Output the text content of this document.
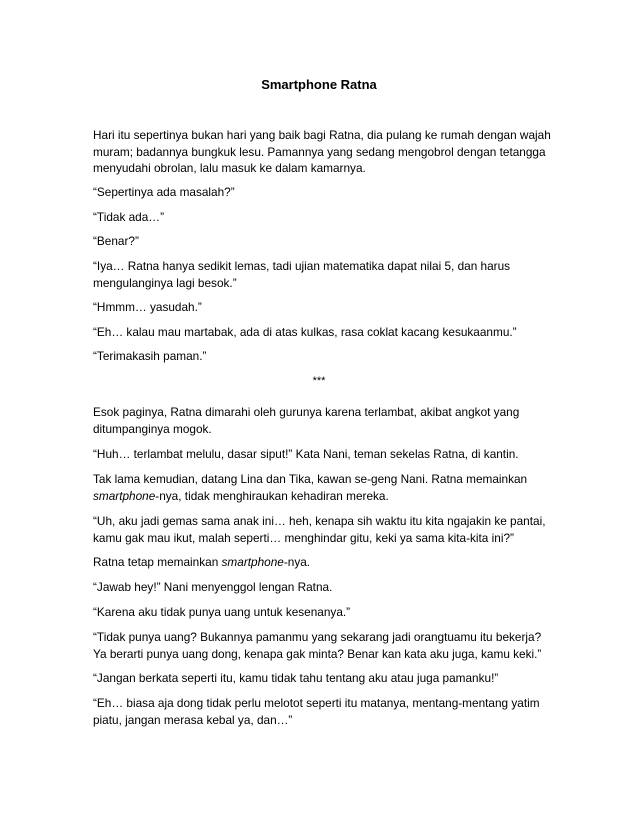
Smartphone Ratna
Hari itu sepertinya bukan hari yang baik bagi Ratna, dia pulang ke rumah dengan wajah
muram; badannya bungkuk lesu. Pamannya yang sedang mengobrol dengan tetangga
menyudahi obrolan, lalu masuk ke dalam kamarnya.
“Sepertinya ada masalah?”
“Tidak ada…”
“Benar?”
“Iya… Ratna hanya sedikit lemas, tadi ujian matematika dapat nilai 5, dan harus
mengulanginya lagi besok.”
“Hmmm… yasudah.”
“Eh… kalau mau martabak, ada di atas kulkas, rasa coklat kacang kesukaanmu.”
“Terimakasih paman.”
***
Esok paginya, Ratna dimarahi oleh gurunya karena terlambat, akibat angkot yang
ditumpanginya mogok.
“Huh… terlambat melulu, dasar siput!” Kata Nani, teman sekelas Ratna, di kantin.
Tak lama kemudian, datang Lina dan Tika, kawan se-geng Nani. Ratna memainkan
smartphone-nya, tidak menghiraukan kehadiran mereka.
“Uh, aku jadi gemas sama anak ini… heh, kenapa sih waktu itu kita ngajakin ke pantai,
kamu gak mau ikut, malah seperti… menghindar gitu, keki ya sama kita-kita ini?”
Ratna tetap memainkan smartphone-nya.
“Jawab hey!” Nani menyenggol lengan Ratna.
“Karena aku tidak punya uang untuk kesenanya.”
“Tidak punya uang? Bukannya pamanmu yang sekarang jadi orangtuamu itu bekerja?
Ya berarti punya uang dong, kenapa gak minta? Benar kan kata aku juga, kamu keki.”
“Jangan berkata seperti itu, kamu tidak tahu tentang aku atau juga pamanku!”
“Eh… biasa aja dong tidak perlu melotot seperti itu matanya, mentang-mentang yatim
piatu, jangan merasa kebal ya, dan…”
